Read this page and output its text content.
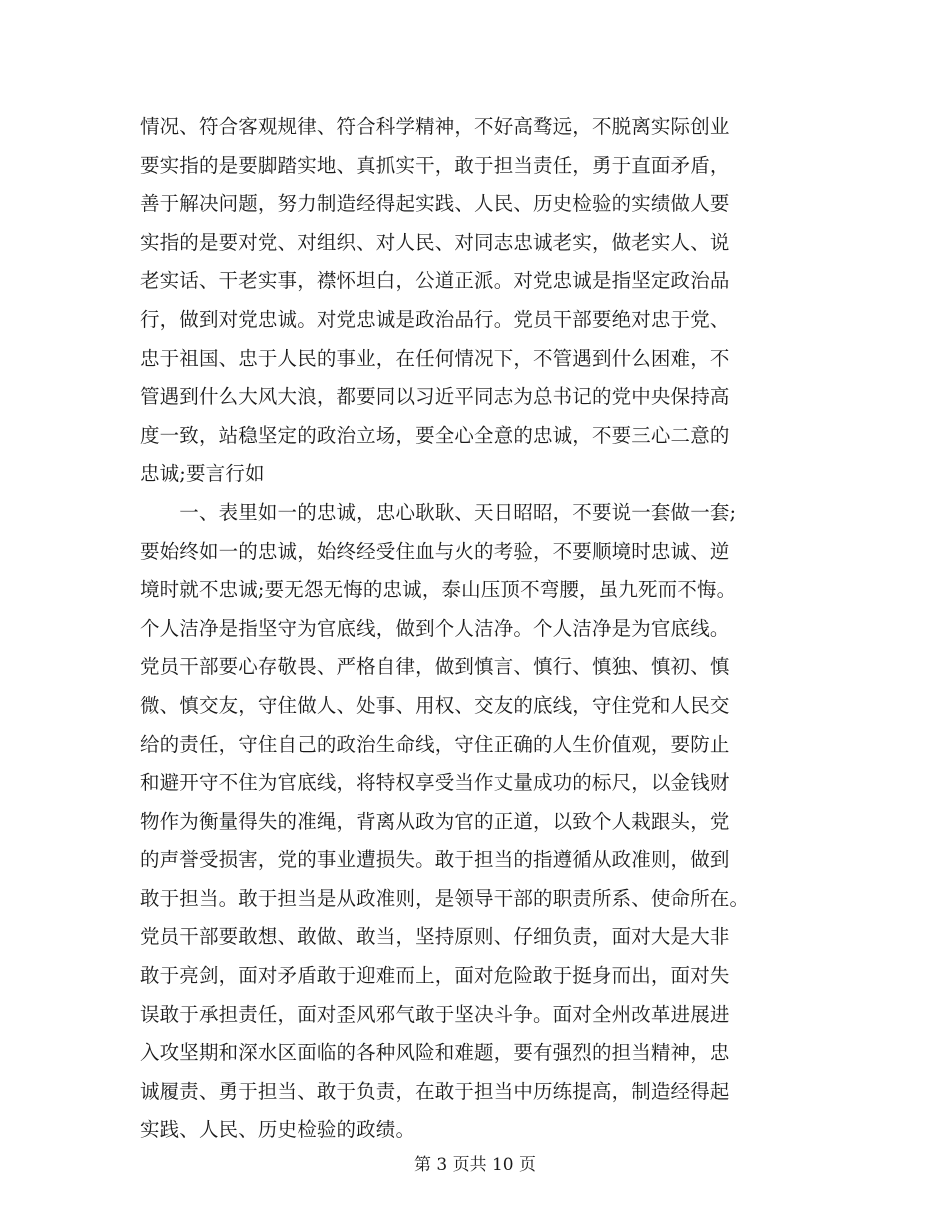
情况、符合客观规律、符合科学精神，不好高骛远，不脱离实际创业
要实指的是要脚踏实地、真抓实干，敢于担当责任，勇于直面矛盾，
善于解决问题，努力制造经得起实践、人民、历史检验的实绩做人要
实指的是要对党、对组织、对人民、对同志忠诚老实，做老实人、说
老实话、干老实事，襟怀坦白，公道正派。对党忠诚是指坚定政治品
行，做到对党忠诚。对党忠诚是政治品行。党员干部要绝对忠于党、
忠于祖国、忠于人民的事业，在任何情况下，不管遇到什么困难，不
管遇到什么大风大浪，都要同以习近平同志为总书记的党中央保持高
度一致，站稳坚定的政治立场，要全心全意的忠诚，不要三心二意的
忠诚;要言行如
　　一、表里如一的忠诚，忠心耿耿、天日昭昭，不要说一套做一套;
要始终如一的忠诚，始终经受住血与火的考验，不要顺境时忠诚、逆
境时就不忠诚;要无怨无悔的忠诚，泰山压顶不弯腰，虽九死而不悔。
个人洁净是指坚守为官底线，做到个人洁净。个人洁净是为官底线。
党员干部要心存敬畏、严格自律，做到慎言、慎行、慎独、慎初、慎
微、慎交友，守住做人、处事、用权、交友的底线，守住党和人民交
给的责任，守住自己的政治生命线，守住正确的人生价值观，要防止
和避开守不住为官底线，将特权享受当作丈量成功的标尺，以金钱财
物作为衡量得失的准绳，背离从政为官的正道，以致个人栽跟头，党
的声誉受损害，党的事业遭损失。敢于担当的指遵循从政准则，做到
敢于担当。敢于担当是从政准则，是领导干部的职责所系、使命所在。
党员干部要敢想、敢做、敢当，坚持原则、仔细负责，面对大是大非
敢于亮剑，面对矛盾敢于迎难而上，面对危险敢于挺身而出，面对失
误敢于承担责任，面对歪风邪气敢于坚决斗争。面对全州改革进展进
入攻坚期和深水区面临的各种风险和难题，要有强烈的担当精神，忠
诚履责、勇于担当、敢于负责，在敢于担当中历练提高，制造经得起
实践、人民、历史检验的政绩。
第 3 页共 10 页
